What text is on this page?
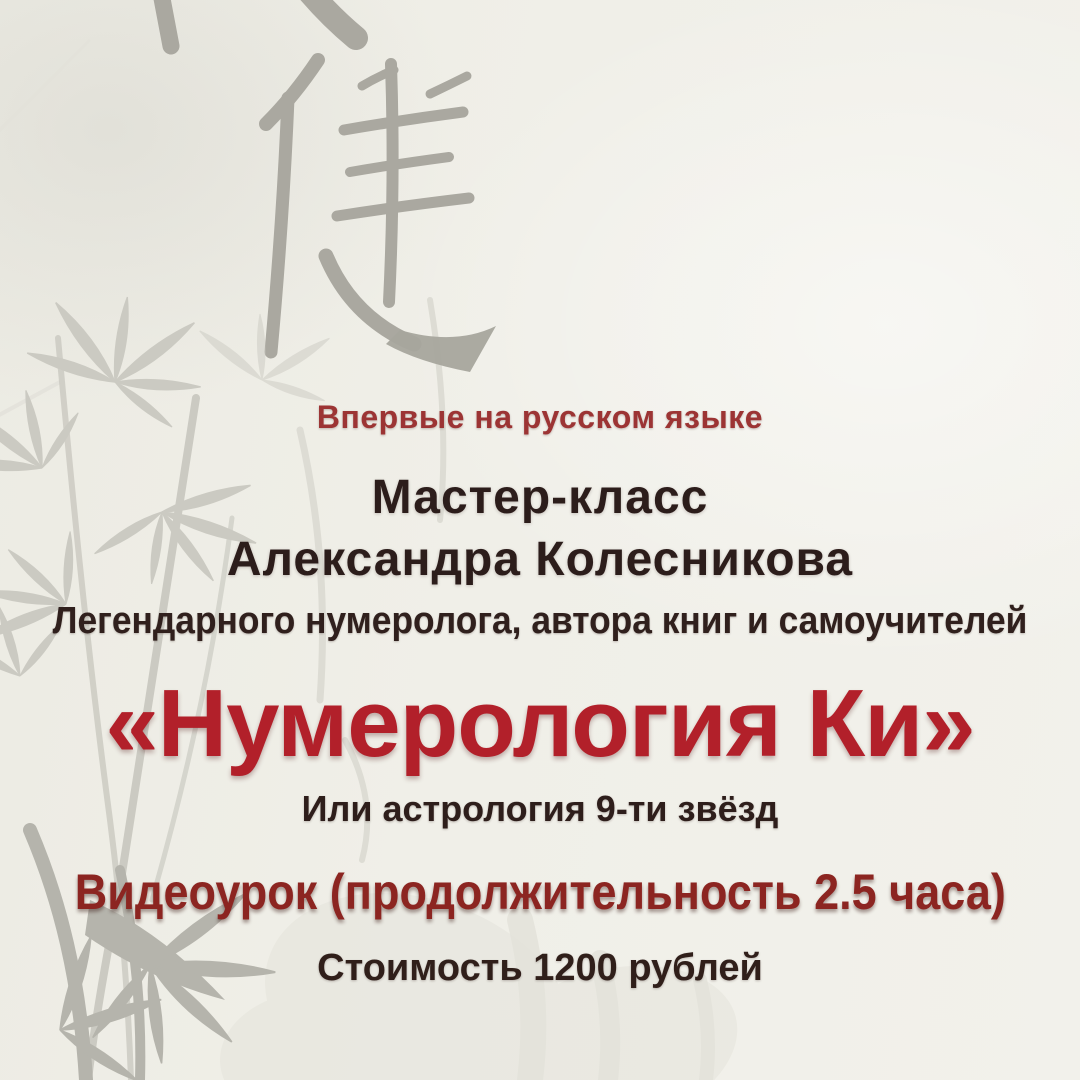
Впервые на русском языке

Мастер-класс
Александра Колесникова

Легендарного нумеролога, автора книг и самоучителей

«Нумерология Ки»

Или астрология 9-ти звёзд

Видеоурок (продолжительность 2.5 часа)

Стоимость 1200 рублей
